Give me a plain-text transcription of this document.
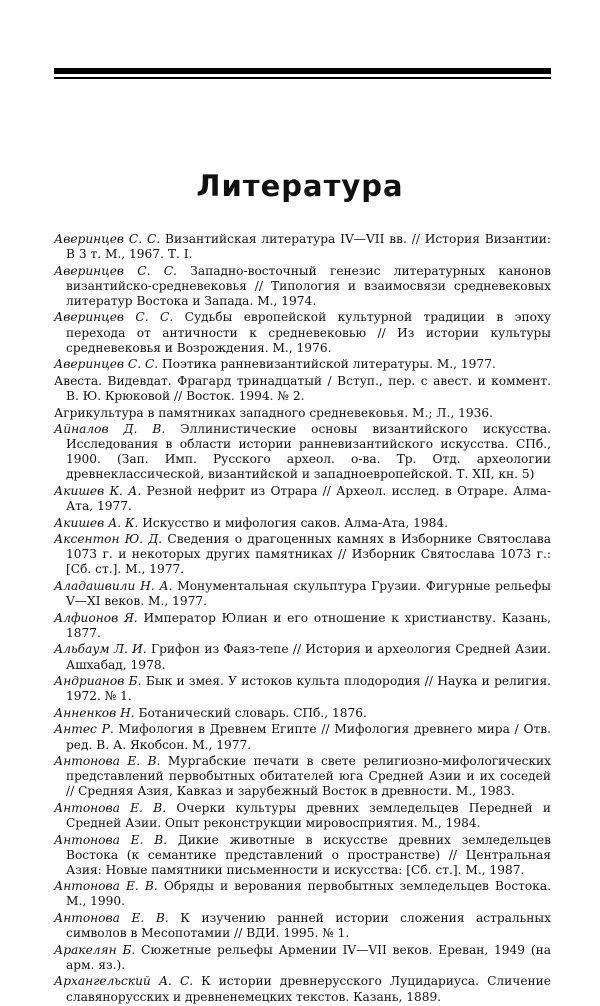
Литература
Аверинцев С. С. Византийская литература IV—VII вв. // История Византии: В 3 т. М., 1967. Т. I.
Аверинцев С. С. Западно-восточный генезис литературных канонов византийско-средневековья // Типология и взаимосвязи средневековых литератур Востока и Запада. М., 1974.
Аверинцев С. С. Судьбы европейской культурной традиции в эпоху перехода от античности к средневековью // Из истории культуры средневековья и Возрождения. М., 1976.
Аверинцев С. С. Поэтика ранневизантийской литературы. М., 1977.
Авеста. Видевдат. Фрагард тринадцатый / Вступ., пер. с авест. и коммент. В. Ю. Крюковой // Восток. 1994. № 2.
Агрикультура в памятниках западного средневековья. М.; Л., 1936.
Айналов Д. В. Эллинистические основы византийского искусства. Исследования в области истории ранневизантийского искусства. СПб., 1900. (Зап. Имп. Русского археол. о-ва. Тр. Отд. археологии древнеклассической, византийской и западноевропейской. Т. XII, кн. 5)
Акишев К. А. Резной нефрит из Отрара // Археол. исслед. в Отраре. Алма-Ата, 1977.
Акишев А. К. Искусство и мифология саков. Алма-Ата, 1984.
Аксентон Ю. Д. Сведения о драгоценных камнях в Изборнике Святослава 1073 г. и некоторых других памятниках // Изборник Святослава 1073 г.: [Сб. ст.]. М., 1977.
Аладашвили Н. А. Монументальная скульптура Грузии. Фигурные рельефы V—XI веков. М., 1977.
Алфионов Я. Император Юлиан и его отношение к христианству. Казань, 1877.
Альбаум Л. И. Грифон из Фаяз-тепе // История и археология Средней Азии. Ашхабад, 1978.
Андрианов Б. Бык и змея. У истоков культа плодородия // Наука и религия. 1972. № 1.
Анненков Н. Ботанический словарь. СПб., 1876.
Антес Р. Мифология в Древнем Египте // Мифология древнего мира / Отв. ред. В. А. Якобсон. М., 1977.
Антонова Е. В. Мургабские печати в свете религиозно-мифологических представлений первобытных обитателей юга Средней Азии и их соседей // Средняя Азия, Кавказ и зарубежный Восток в древности. М., 1983.
Антонова Е. В. Очерки культуры древних земледельцев Передней и Средней Азии. Опыт реконструкции мировосприятия. М., 1984.
Антонова Е. В. Дикие животные в искусстве древних земледельцев Востока (к семантике представлений о пространстве) // Центральная Азия: Новые памятники письменности и искусства: [Сб. ст.]. М., 1987.
Антонова Е. В. Обряды и верования первобытных земледельцев Востока. М., 1990.
Антонова Е. В. К изучению ранней истории сложения астральных символов в Месопотамии // ВДИ. 1995. № 1.
Аракелян Б. Сюжетные рельефы Армении IV—VII веков. Ереван, 1949 (на арм. яз.).
Архангельский А. С. К истории древнерусского Луцидариуса. Сличение славянорусских и древненемецких текстов. Казань, 1889.
